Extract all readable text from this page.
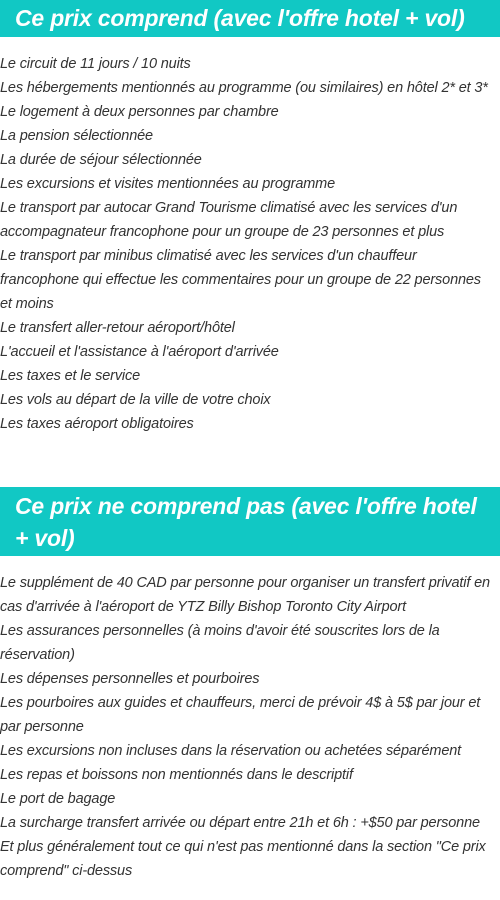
Ce prix comprend (avec l'offre hotel + vol)
Le circuit de 11 jours / 10 nuits
Les hébergements mentionnés au programme (ou similaires) en hôtel 2* et 3*
Le logement à deux personnes par chambre
La pension sélectionnée
La durée de séjour sélectionnée
Les excursions et visites mentionnées au programme
Le transport par autocar Grand Tourisme climatisé avec les services d'un accompagnateur francophone pour un groupe de 23 personnes et plus
Le transport par minibus climatisé avec les services d'un chauffeur francophone qui effectue les commentaires pour un groupe de 22 personnes et moins
Le transfert aller-retour aéroport/hôtel
L'accueil et l'assistance à l'aéroport d'arrivée
Les taxes et le service
Les vols au départ de la ville de votre choix
Les taxes aéroport obligatoires
Ce prix ne comprend pas (avec l'offre hotel + vol)
Le supplément de 40 CAD par personne pour organiser un transfert privatif en cas d'arrivée à l'aéroport de YTZ Billy Bishop Toronto City Airport
Les assurances personnelles (à moins d'avoir été souscrites lors de la réservation)
Les dépenses personnelles et pourboires
Les pourboires aux guides et chauffeurs, merci de prévoir 4$ à 5$ par jour et par personne
Les excursions non incluses dans la réservation ou achetées séparément
Les repas et boissons non mentionnés dans le descriptif
Le port de bagage
La surcharge transfert arrivée ou départ entre 21h et 6h : +$50 par personne
Et plus généralement tout ce qui n'est pas mentionné dans la section "Ce prix comprend" ci-dessus
